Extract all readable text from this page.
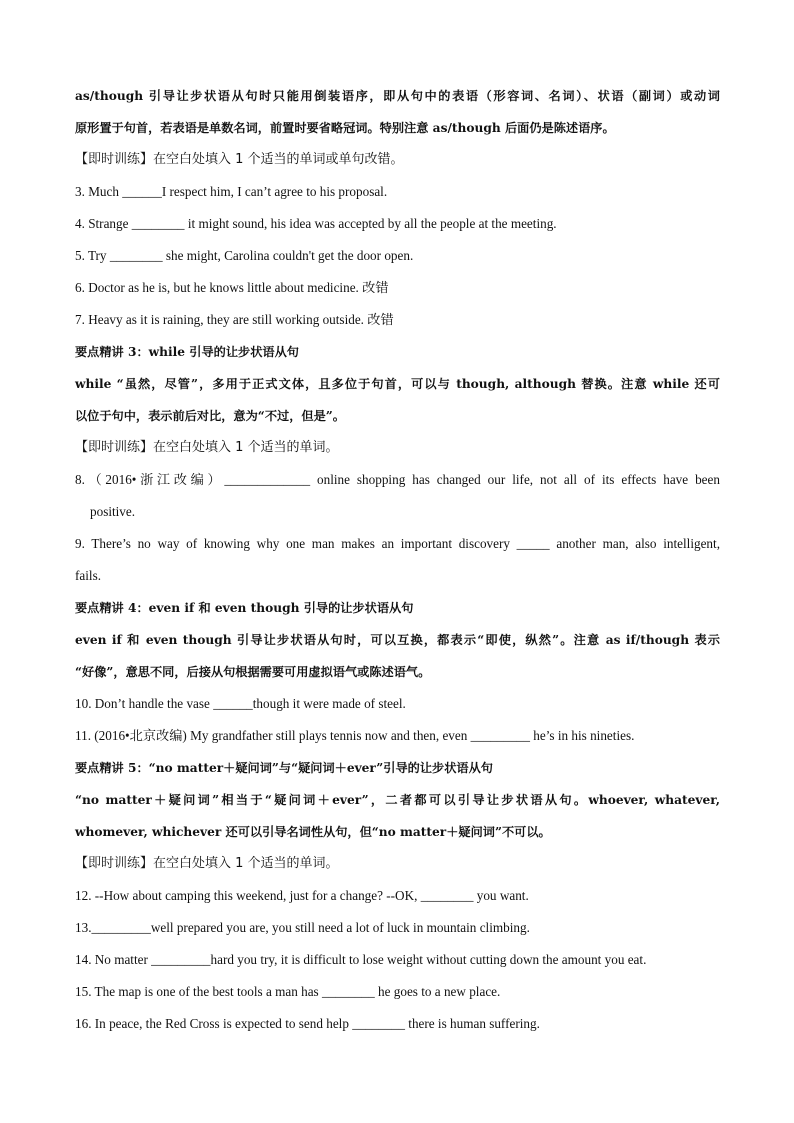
as/though 引导让步状语从句时只能用倒装语序，即从句中的表语（形容词、名词）、状语（副词）或动词
原形置于句首，若表语是单数名词，前置时要省略冠词。特别注意 as/though 后面仍是陈述语序。
【即时训练】在空白处填入 1 个适当的单词或单句改错。
3. Much ______I respect him, I can’t agree to his proposal.
4. Strange ________ it might sound, his idea was accepted by all the people at the meeting.
5. Try ________ she might, Carolina couldn't get the door open.
6. Doctor as he is, but he knows little about medicine. 改错
7. Heavy as it is raining, they are still working outside. 改错
要点精讲 3：while 引导的让步状语从句
while “虽然，尽管”，多用于正式文体，且多位于句首，可以与 though, although 替换。注意 while 还可
以位于句中，表示前后对比，意为“不过，但是”。
【即时训练】在空白处填入 1 个适当的单词。
8.（2016•浙江改编）_____________ online shopping has changed our life, not all of its effects have been
positive.
9. There’s no way of knowing why one man makes an important discovery _____ another man, also intelligent,
fails.
要点精讲 4：even if 和 even though 引导的让步状语从句
even if 和 even though 引导让步状语从句时，可以互换，都表示“即使，纵然”。注意 as if/though 表示
“好像”，意思不同，后接从句根据需要可用虚拟语气或陈述语气。
10. Don’t handle the vase ______though it were made of steel.
11. (2016•北京改编) My grandfather still plays tennis now and then, even _________ he’s in his nineties.
要点精讲 5：“no matter＋疑问词”与“疑问词＋ever”引导的让步状语从句
“no matter＋疑问词”相当于“疑问词＋ever”，二者都可以引导让步状语从句。whoever, whatever,
whomever, whichever 还可以引导名词性从句，但“no matter＋疑问词”不可以。
【即时训练】在空白处填入 1 个适当的单词。
12. --How about camping this weekend, just for a change? --OK, ________ you want.
13._________well prepared you are, you still need a lot of luck in mountain climbing.
14. No matter _________hard you try, it is difficult to lose weight without cutting down the amount you eat.
15. The map is one of the best tools a man has ________ he goes to a new place.
16. In peace, the Red Cross is expected to send help ________ there is human suffering.
